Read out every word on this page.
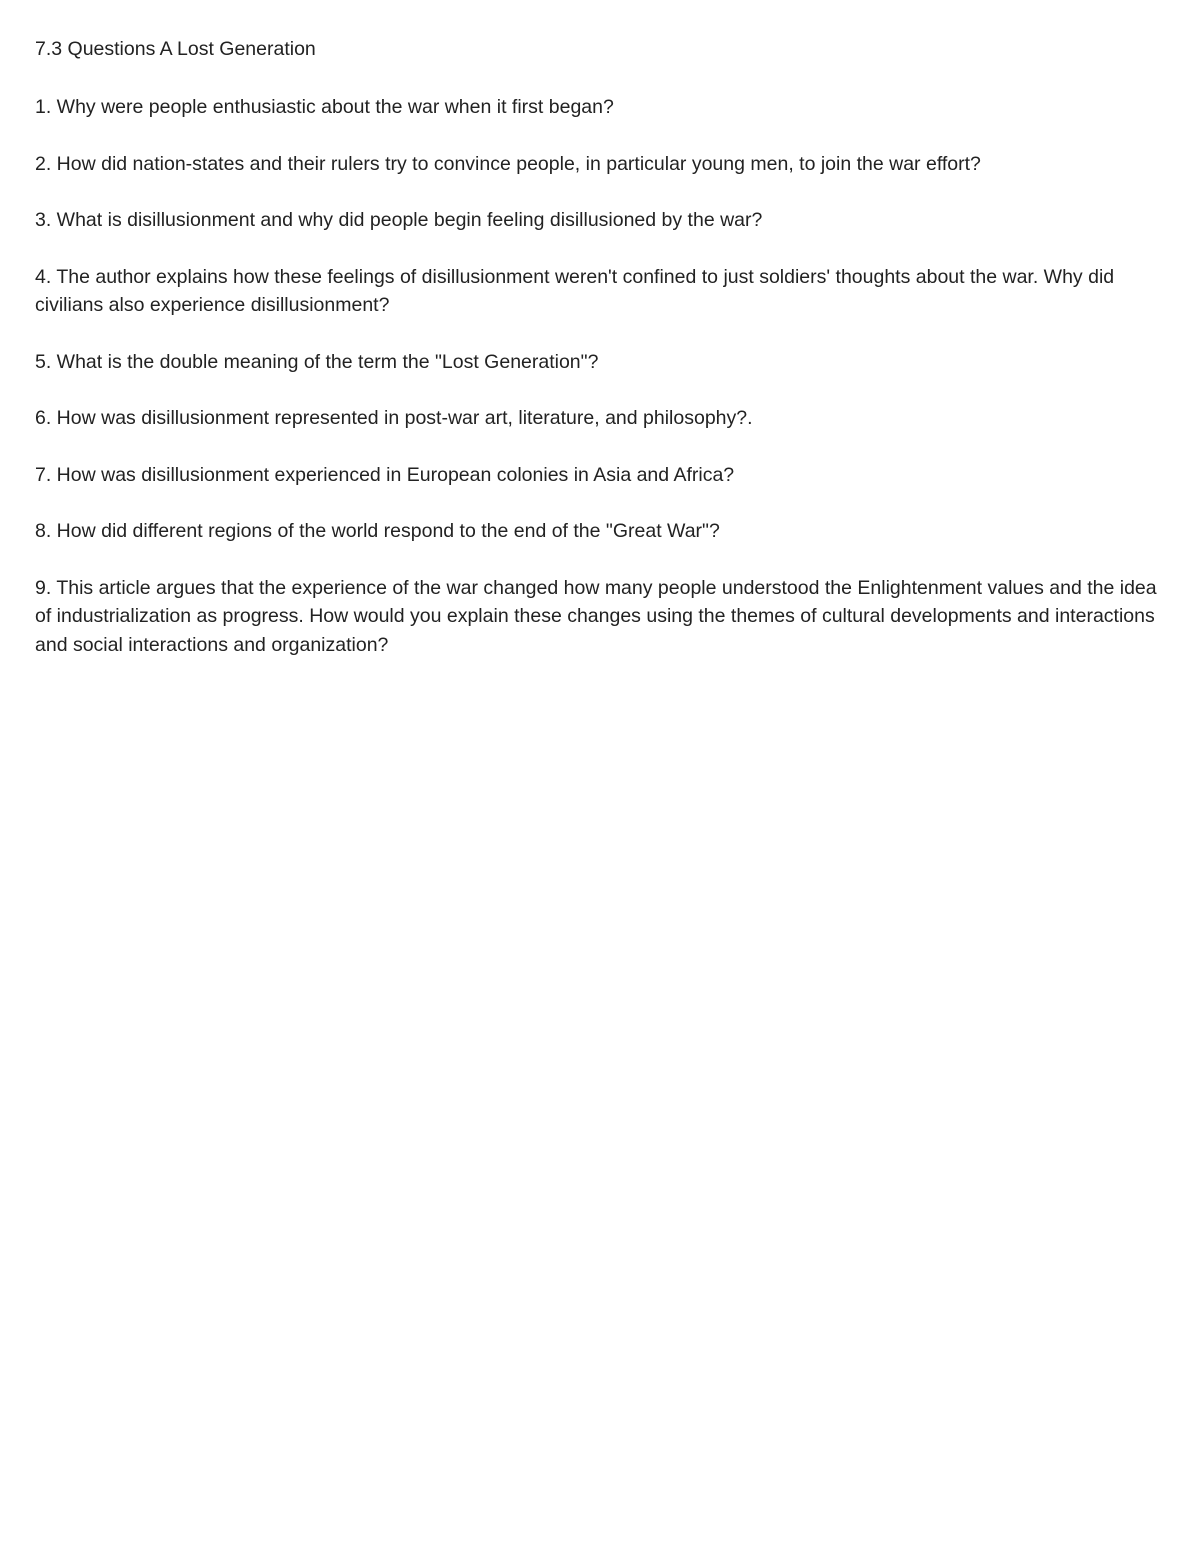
7.3 Questions A Lost Generation

1. Why were people enthusiastic about the war when it first began?

2. How did nation-states and their rulers try to convince people, in particular young men, to join the war effort?

3. What is disillusionment and why did people begin feeling disillusioned by the war?

4. The author explains how these feelings of disillusionment weren't confined to just soldiers' thoughts about the war. Why did civilians also experience disillusionment?

5. What is the double meaning of the term the "Lost Generation"?

6. How was disillusionment represented in post-war art, literature, and philosophy?.

7. How was disillusionment experienced in European colonies in Asia and Africa?

8. How did different regions of the world respond to the end of the "Great War"?

9. This article argues that the experience of the war changed how many people understood the Enlightenment values and the idea of industrialization as progress. How would you explain these changes using the themes of cultural developments and interactions and social interactions and organization?
